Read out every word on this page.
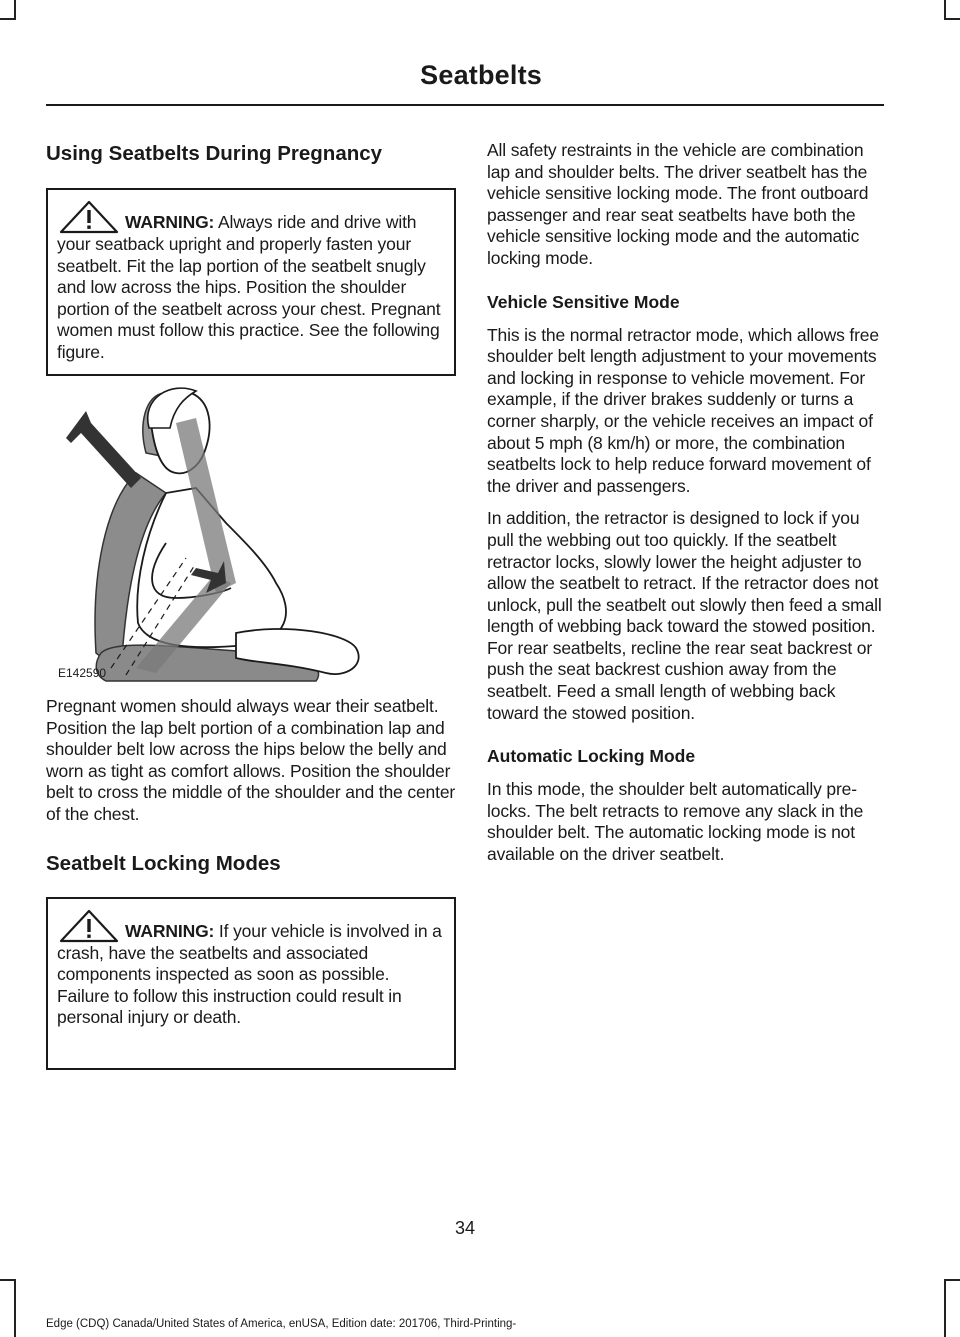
Seatbelts
Using Seatbelts During Pregnancy
WARNING: Always ride and drive with your seatback upright and properly fasten your seatbelt. Fit the lap portion of the seatbelt snugly and low across the hips. Position the shoulder portion of the seatbelt across your chest. Pregnant women must follow this practice. See the following figure.
E142590

Pregnant women should always wear their seatbelt. Position the lap belt portion of a combination lap and shoulder belt low across the hips below the belly and worn as tight as comfort allows. Position the shoulder belt to cross the middle of the shoulder and the center of the chest.

Seatbelt Locking Modes
WARNING: If your vehicle is involved in a crash, have the seatbelts and associated components inspected as soon as possible. Failure to follow this instruction could result in personal injury or death.

All safety restraints in the vehicle are combination lap and shoulder belts. The driver seatbelt has the vehicle sensitive locking mode. The front outboard passenger and rear seat seatbelts have both the vehicle sensitive locking mode and the automatic locking mode.

Vehicle Sensitive Mode

This is the normal retractor mode, which allows free shoulder belt length adjustment to your movements and locking in response to vehicle movement. For example, if the driver brakes suddenly or turns a corner sharply, or the vehicle receives an impact of about 5 mph (8 km/h) or more, the combination seatbelts lock to help reduce forward movement of the driver and passengers.

In addition, the retractor is designed to lock if you pull the webbing out too quickly. If the seatbelt retractor locks, slowly lower the height adjuster to allow the seatbelt to retract. If the retractor does not unlock, pull the seatbelt out slowly then feed a small length of webbing back toward the stowed position. For rear seatbelts, recline the rear seat backrest or push the seat backrest cushion away from the seatbelt. Feed a small length of webbing back toward the stowed position.

Automatic Locking Mode

In this mode, the shoulder belt automatically pre-locks. The belt retracts to remove any slack in the shoulder belt. The automatic locking mode is not available on the driver seatbelt.

34
Edge (CDQ) Canada/United States of America, enUSA, Edition date: 201706, Third-Printing-
